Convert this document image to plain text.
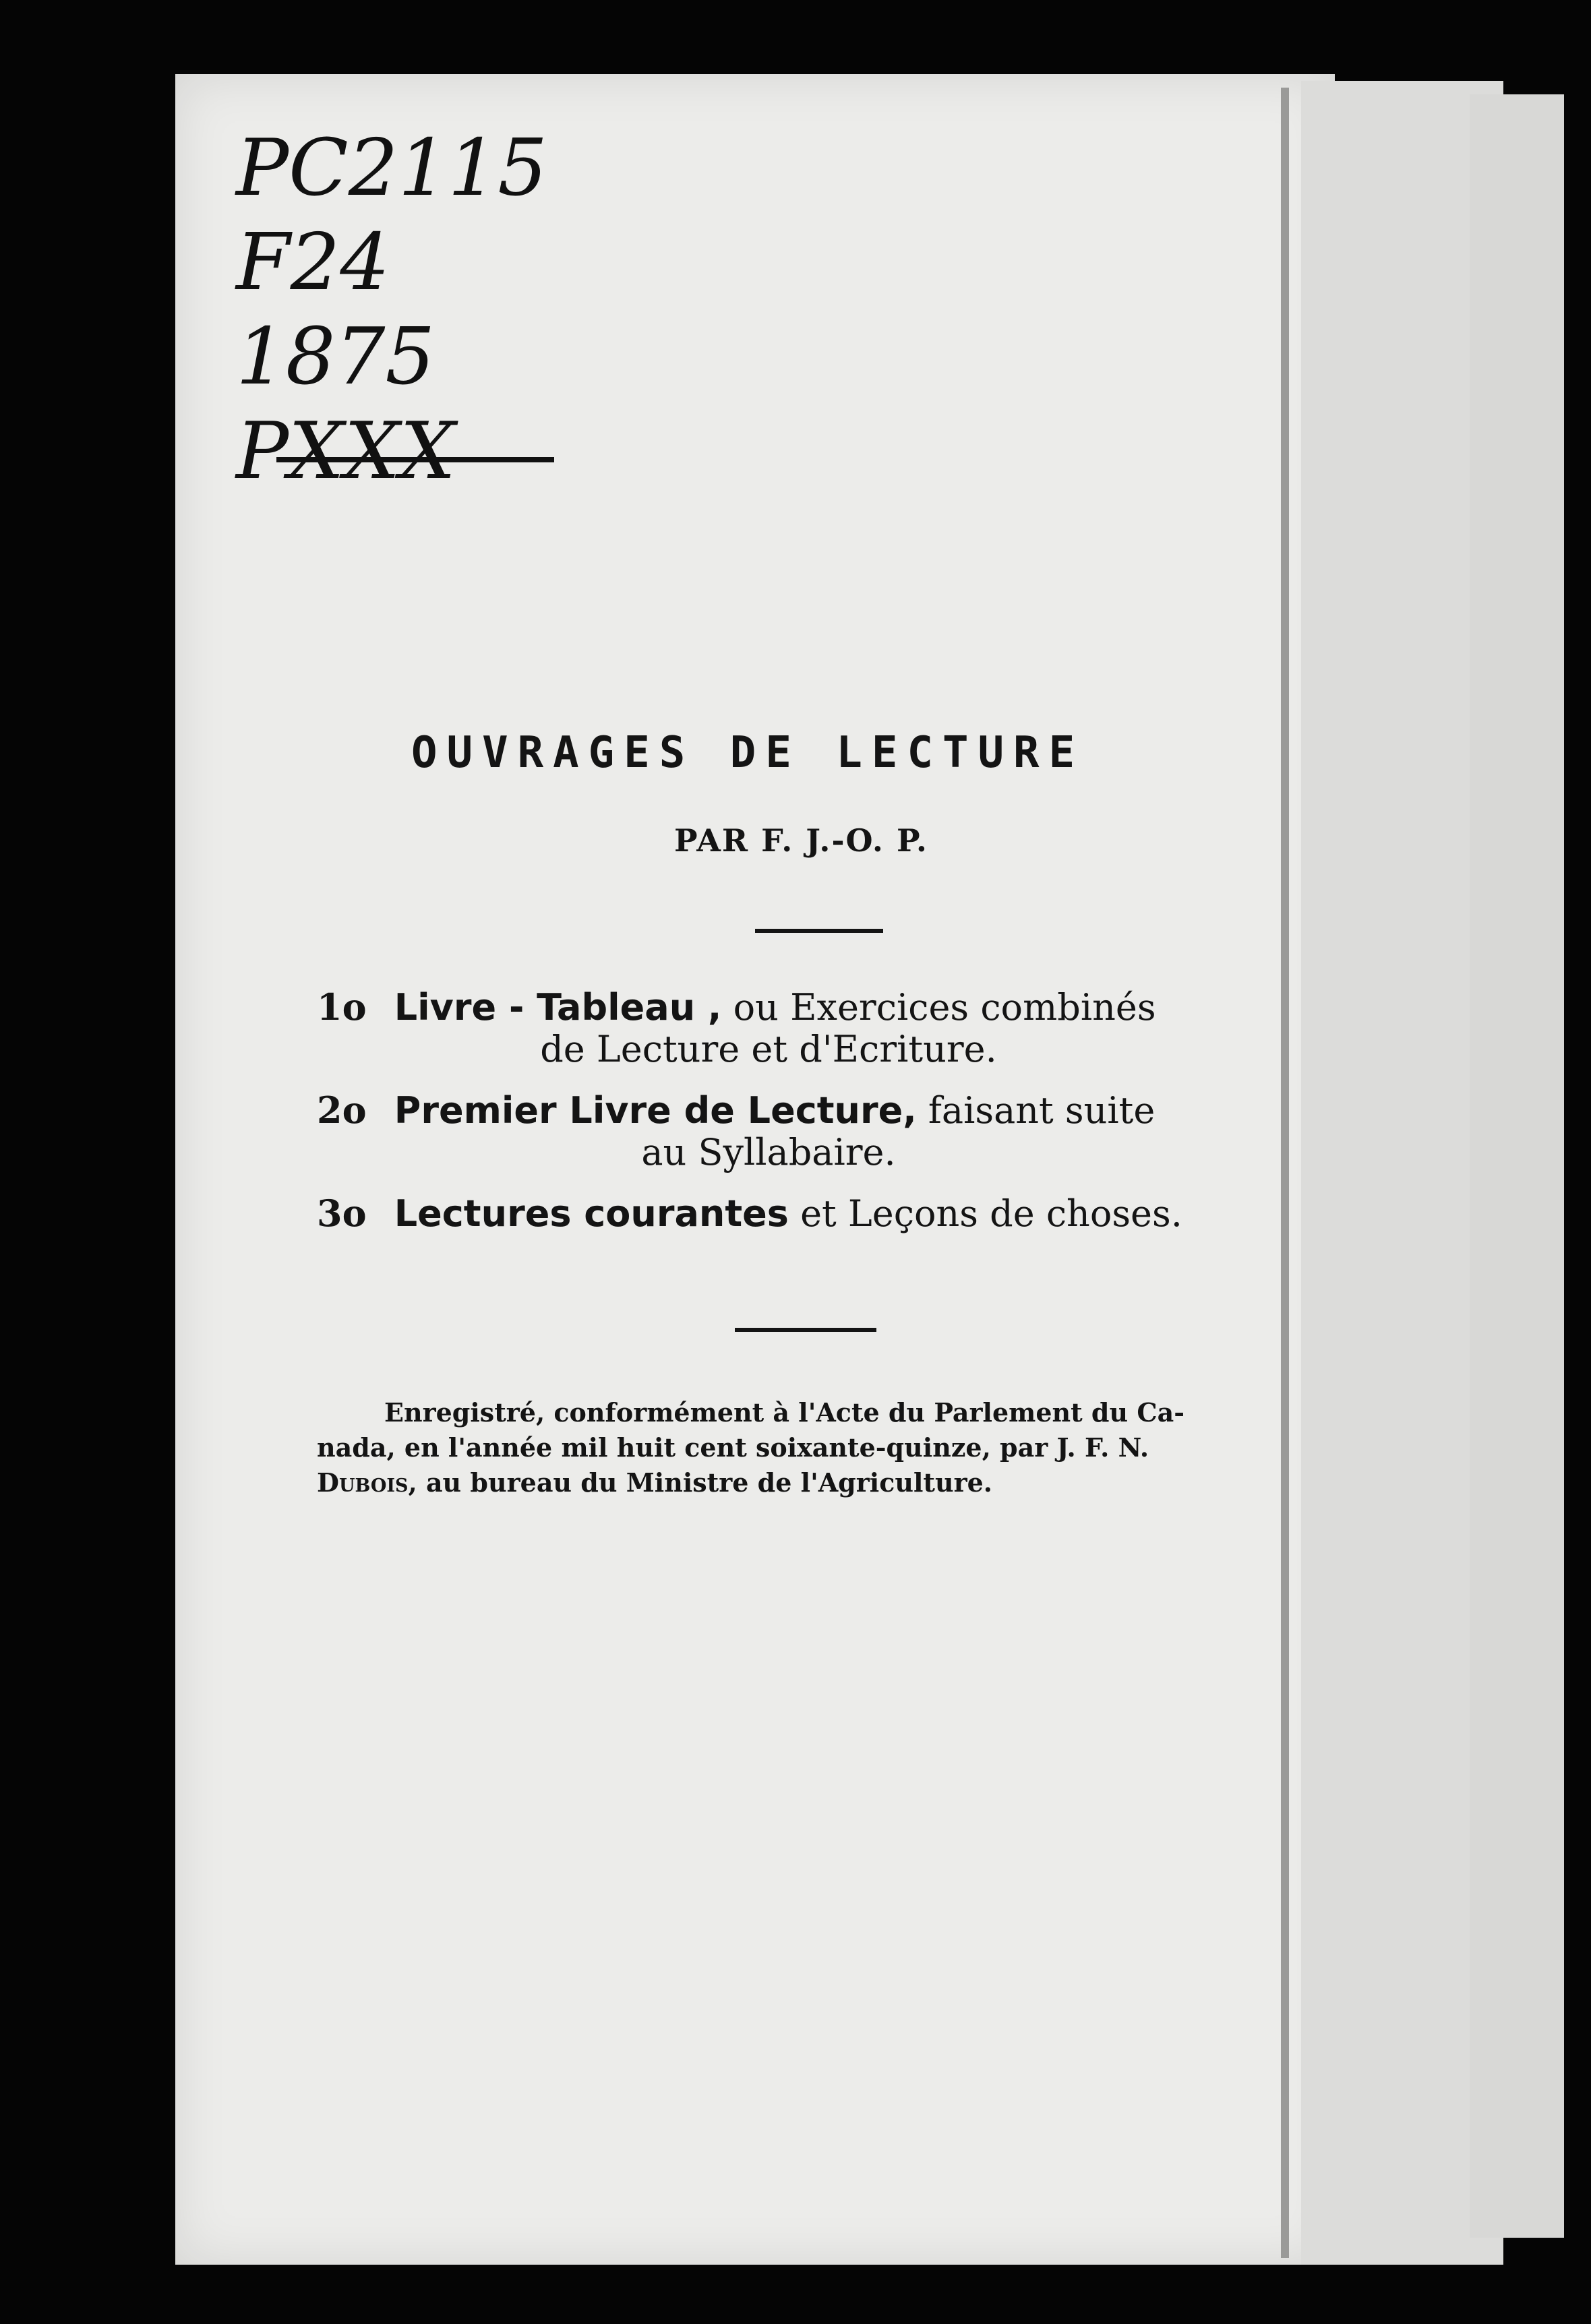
PC2115
F24
1875
PXXX
OUVRAGES DE LECTURE
PAR F. J.-O. P.
1o Livre - Tableau , ou Exercices combinés
de Lecture et d'Ecriture.
2o Premier Livre de Lecture, faisant suite
au Syllabaire.
3o Lectures courantes et Leçons de choses.
Enregistré, conformément à l'Acte du Parlement du Ca-
nada, en l'année mil huit cent soixante-quinze, par J. F. N.
Dubois, au bureau du Ministre de l'Agriculture.
